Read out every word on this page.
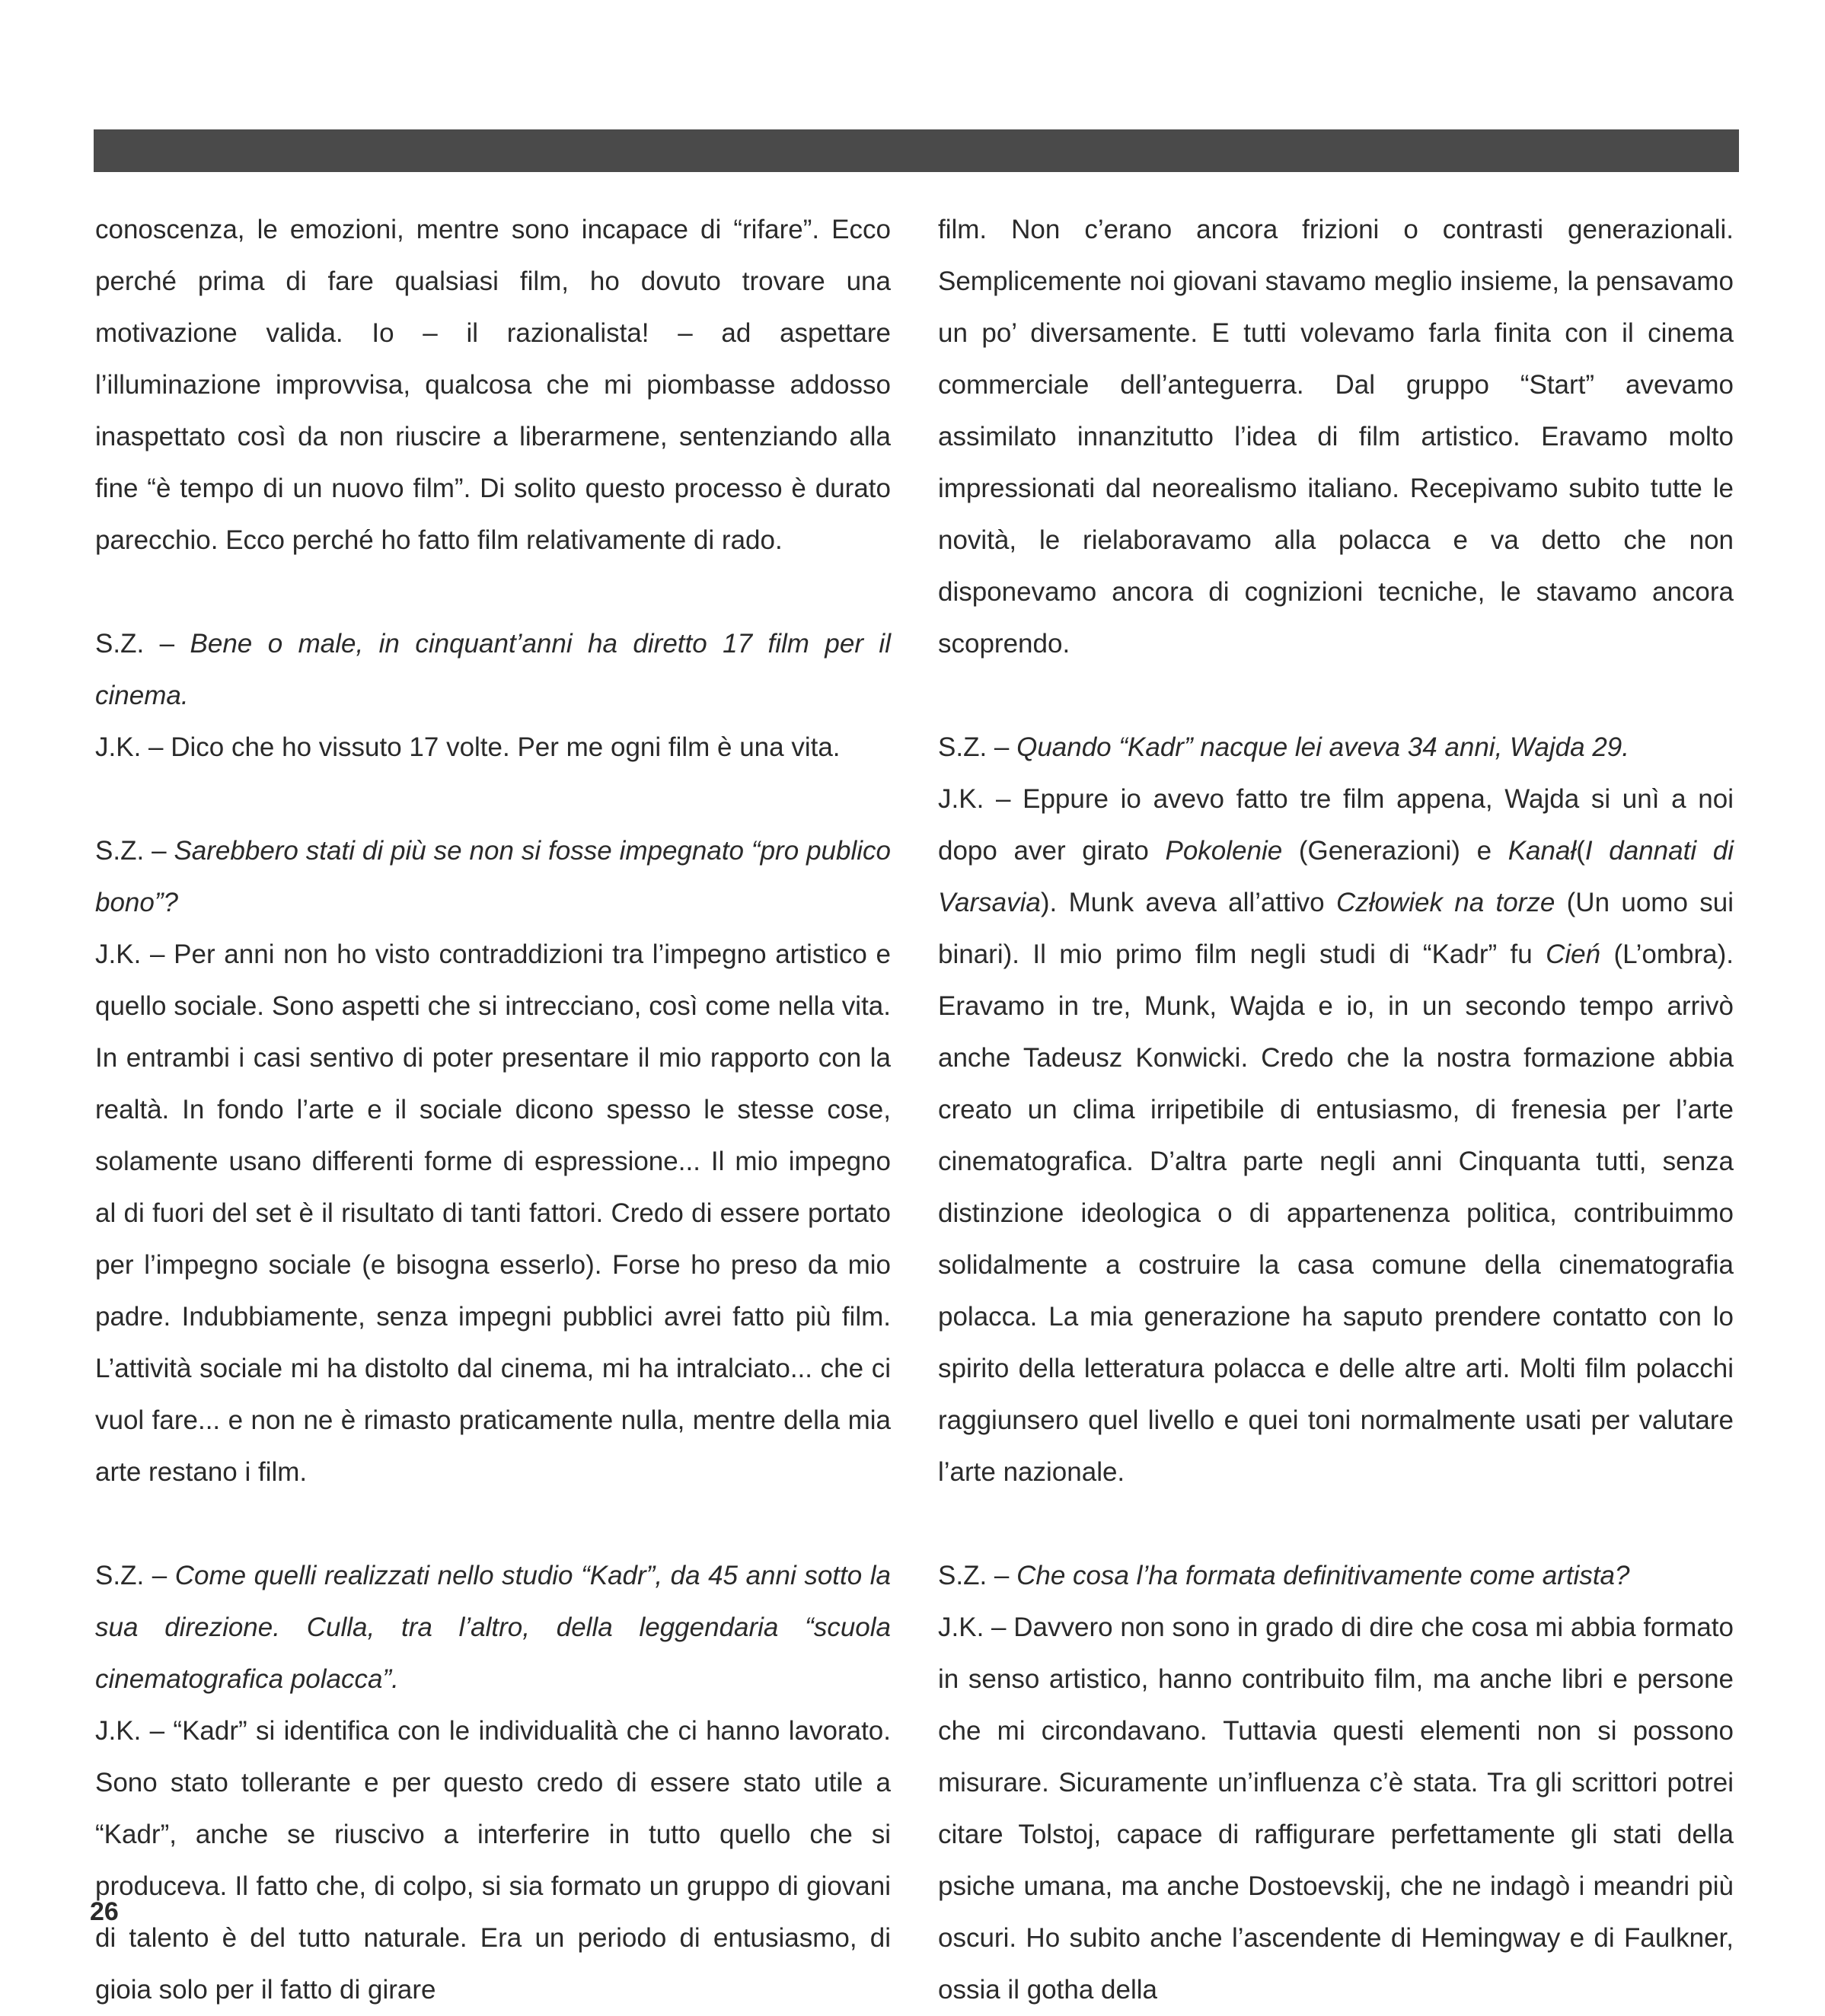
conoscenza, le emozioni, mentre sono incapace di “rifare”. Ecco perché prima di fare qualsiasi film, ho dovuto trovare una motivazione valida. Io – il razionalista! – ad aspettare l’illuminazione improvvisa, qualcosa che mi piombasse addosso inaspettato così da non riuscire a liberarmene, sentenziando alla fine “è tempo di un nuovo film”. Di solito questo processo è durato parecchio. Ecco perché ho fatto film relativamente di rado.

S.Z. – Bene o male, in cinquant’anni ha diretto 17 film per il cinema.

J.K. – Dico che ho vissuto 17 volte. Per me ogni film è una vita.

S.Z. – Sarebbero stati di più se non si fosse impegnato “pro publico bono”?

J.K. – Per anni non ho visto contraddizioni tra l’impegno artistico e quello sociale. Sono aspetti che si intrecciano, così come nella vita. In entrambi i casi sentivo di poter presentare il mio rapporto con la realtà. In fondo l’arte e il sociale dicono spesso le stesse cose, solamente usano differenti forme di espressione... Il mio impegno al di fuori del set è il risultato di tanti fattori. Credo di essere portato per l’impegno sociale (e bisogna esserlo). Forse ho preso da mio padre. Indubbiamente, senza impegni pubblici avrei fatto più film. L’attività sociale mi ha distolto dal cinema, mi ha intralciato... che ci vuol fare... e non ne è rimasto praticamente nulla, mentre della mia arte restano i film.

S.Z. – Come quelli realizzati nello studio “Kadr”, da 45 anni sotto la sua direzione. Culla, tra l’altro, della leggendaria “scuola cinematografica polacca”.

J.K. – “Kadr” si identifica con le individualità che ci hanno lavorato. Sono stato tollerante e per questo credo di essere stato utile a “Kadr”, anche se riuscivo a interferire in tutto quello che si produceva. Il fatto che, di colpo, si sia formato un gruppo di giovani di talento è del tutto naturale. Era un periodo di entusiasmo, di gioia solo per il fatto di girare

film. Non c’erano ancora frizioni o contrasti generazionali. Semplicemente noi giovani stavamo meglio insieme, la pensavamo un po’ diversamente. E tutti volevamo farla finita con il cinema commerciale dell’anteguerra. Dal gruppo “Start” avevamo assimilato innanzitutto l’idea di film artistico. Eravamo molto impressionati dal neorealismo italiano. Recepivamo subito tutte le novità, le rielaboravamo alla polacca e va detto che non disponevamo ancora di cognizioni tecniche, le stavamo ancora scoprendo.

S.Z. – Quando “Kadr” nacque lei aveva 34 anni, Wajda 29.

J.K. – Eppure io avevo fatto tre film appena, Wajda si unì a noi dopo aver girato Pokolenie (Generazioni) e Kanał(I dannati di Varsavia). Munk aveva all’attivo Człowiek na torze (Un uomo sui binari). Il mio primo film negli studi di “Kadr” fu Cień (L’ombra). Eravamo in tre, Munk, Wajda e io, in un secondo tempo arrivò anche Tadeusz Konwicki. Credo che la nostra formazione abbia creato un clima irripetibile di entusiasmo, di frenesia per l’arte cinematografica. D’altra parte negli anni Cinquanta tutti, senza distinzione ideologica o di appartenenza politica, contribuimmo solidalmente a costruire la casa comune della cinematografia polacca. La mia generazione ha saputo prendere contatto con lo spirito della letteratura polacca e delle altre arti. Molti film polacchi raggiunsero quel livello e quei toni normalmente usati per valutare l’arte nazionale.

S.Z. – Che cosa l’ha formata definitivamente come artista?

J.K. – Davvero non sono in grado di dire che cosa mi abbia formato in senso artistico, hanno contribuito film, ma anche libri e persone che mi circondavano. Tuttavia questi elementi non si possono misurare. Sicuramente un’influenza c’è stata. Tra gli scrittori potrei citare Tolstoj, capace di raffigurare perfettamente gli stati della psiche umana, ma anche Dostoevskij, che ne indagò i meandri più oscuri. Ho subito anche l’ascendente di Hemingway e di Faulkner, ossia il gotha della

26
